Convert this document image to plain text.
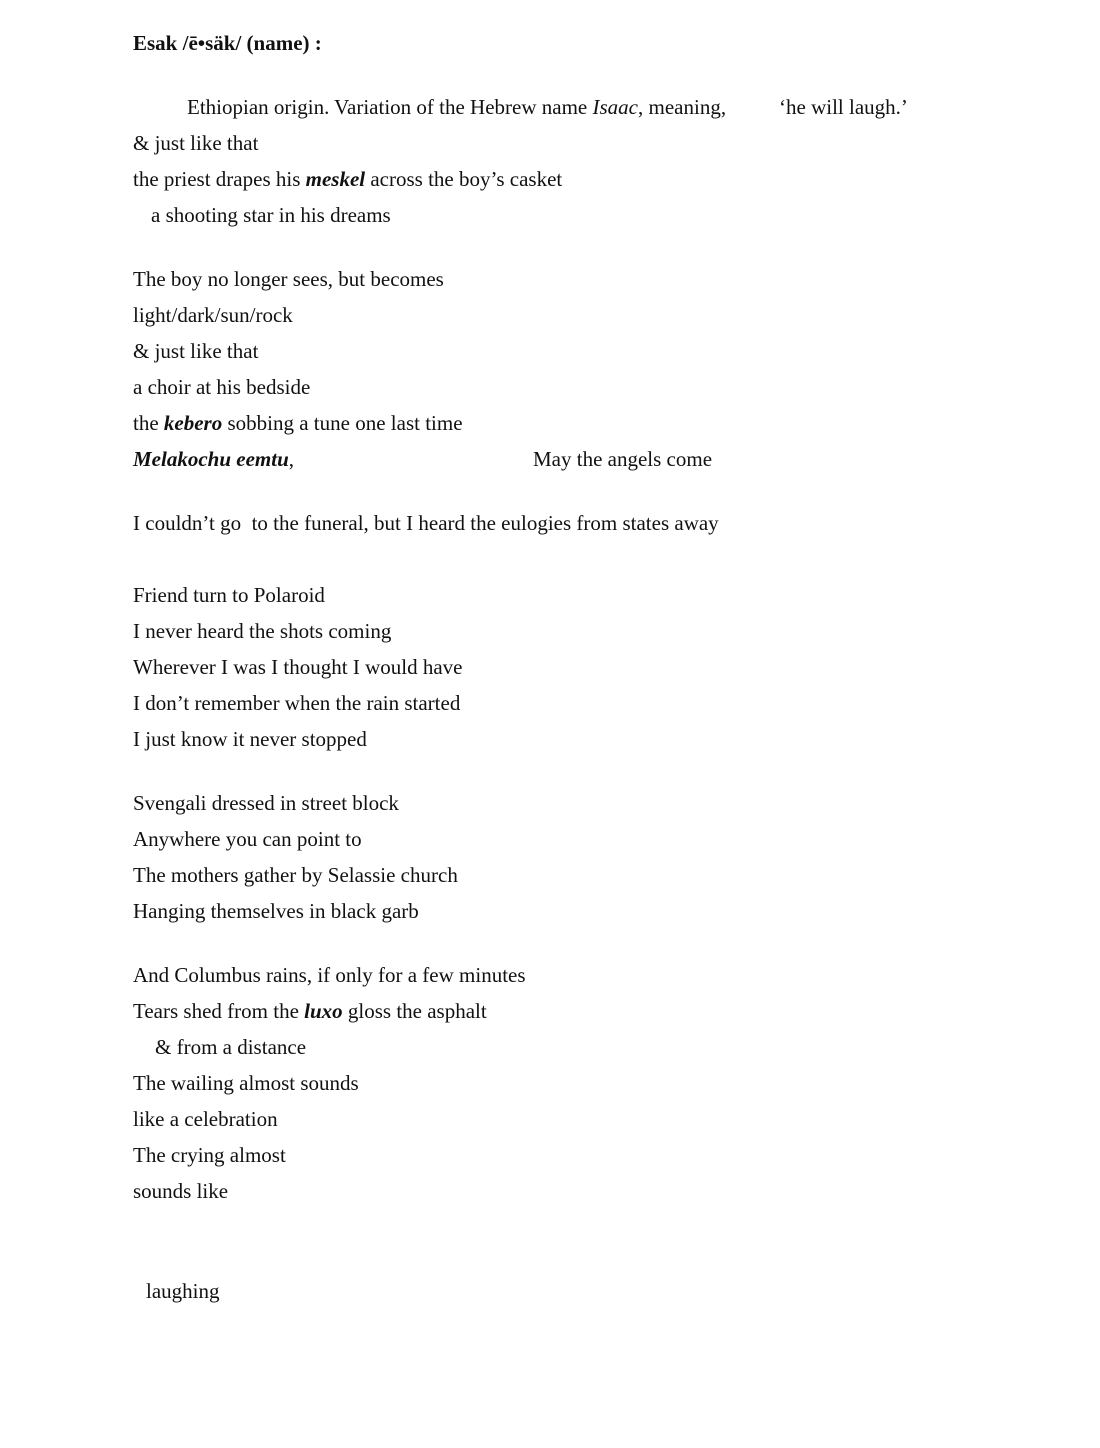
Esak /ē•säk/ (name) :
Ethiopian origin. Variation of the Hebrew name Isaac, meaning,	‘he will laugh.’
& just like that
the priest drapes his meskel across the boy’s casket
a shooting star in his dreams
The boy no longer sees, but becomes
light/dark/sun/rock
& just like that
a choir at his bedside
the kebero sobbing a tune one last time
Melakochu eemtu,	May the angels come
I couldn’t go  to the funeral, but I heard the eulogies from states away
Friend turn to Polaroid
I never heard the shots coming
Wherever I was I thought I would have
I don’t remember when the rain started
I just know it never stopped
Svengali dressed in street block
Anywhere you can point to
The mothers gather by Selassie church
Hanging themselves in black garb
And Columbus rains, if only for a few minutes
Tears shed from the luxo gloss the asphalt
& from a distance
The wailing almost sounds
like a celebration
The crying almost
sounds like
laughing
